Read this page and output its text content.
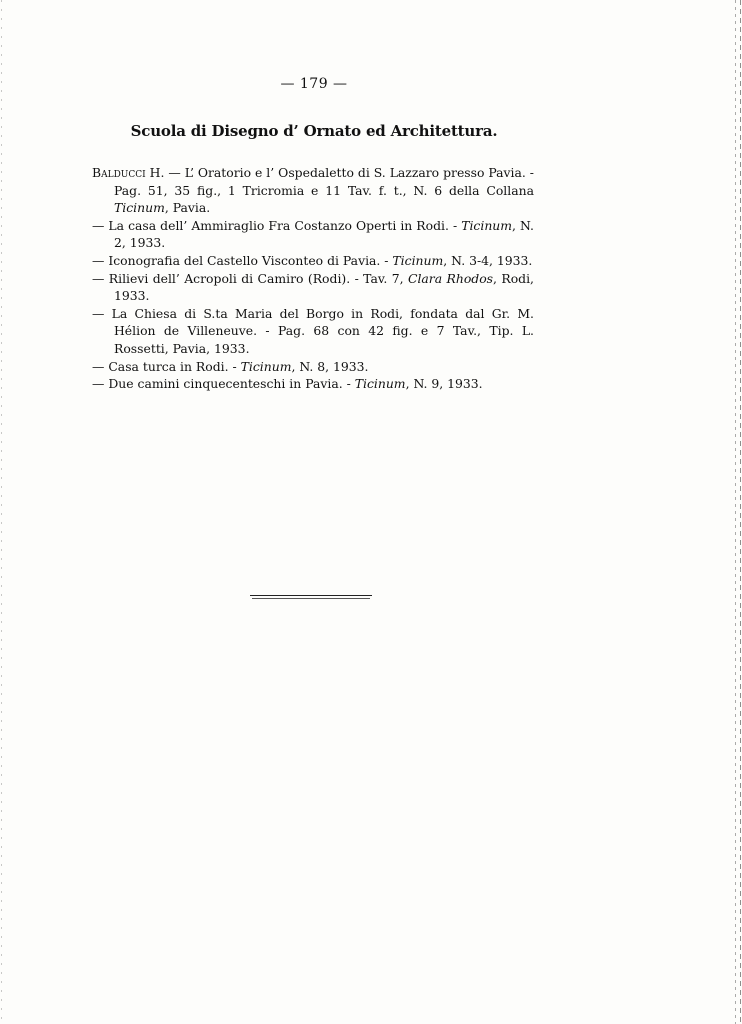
— 179 —
Scuola di Disegno d’ Ornato ed Architettura.

Balducci H. — L’ Oratorio e l’ Ospedaletto di S. Lazzaro presso Pavia. - Pag. 51, 35 fig., 1 Tricromia e 11 Tav. f. t., N. 6 della Collana Ticinum, Pavia.

— La casa dell’ Ammiraglio Fra Costanzo Operti in Rodi. - Ticinum, N. 2, 1933.

— Iconografia del Castello Visconteo di Pavia. - Ticinum, N. 3-4, 1933.

— Rilievi dell’ Acropoli di Camiro (Rodi). - Tav. 7, Clara Rhodos, Rodi, 1933.

— La Chiesa di S.ta Maria del Borgo in Rodi, fondata dal Gr. M. Hélion de Villeneuve. - Pag. 68 con 42 fig. e 7 Tav., Tip. L. Rossetti, Pavia, 1933.

— Casa turca in Rodi. - Ticinum, N. 8, 1933.

— Due camini cinquecenteschi in Pavia. - Ticinum, N. 9, 1933.
